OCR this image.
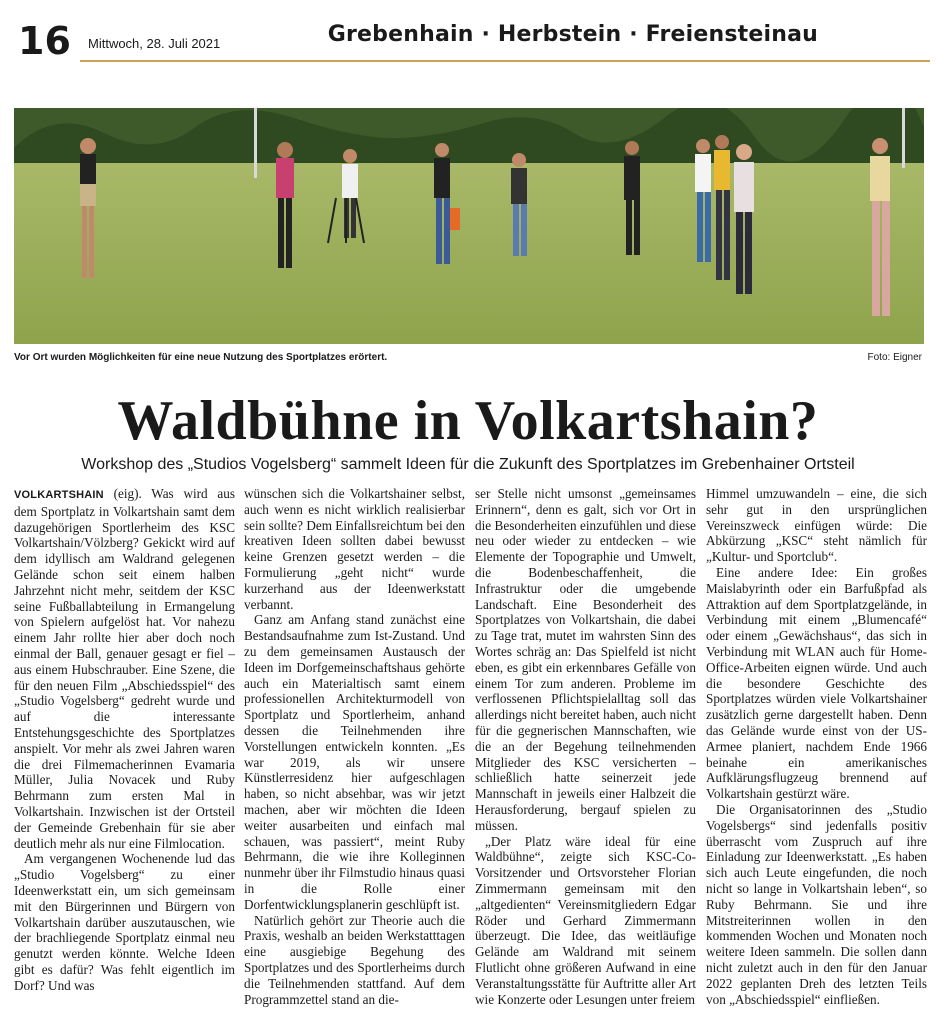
16 Mittwoch, 28. Juli 2021	Grebenhain · Herbstein · Freiensteinau
Vor Ort wurden Möglichkeiten für eine neue Nutzung des Sportplatzes erörtert.	Foto: Eigner
Waldbühne in Volkartshain?
Workshop des „Studios Vogelsberg“ sammelt Ideen für die Zukunft des Sportplatzes im Grebenhainer Ortsteil

VOLKARTSHAIN (eig). Was wird aus dem Sportplatz in Volkartshain samt dem dazugehörigen Sportlerheim des KSC Volkartshain/Völzberg? Gekickt wird auf dem idyllisch am Waldrand gelegenen Gelände schon seit einem halben Jahrzehnt nicht mehr, seitdem der KSC seine Fußballabteilung in Ermangelung von Spielern aufgelöst hat. Vor nahezu einem Jahr rollte hier aber doch noch einmal der Ball, genauer gesagt er fiel – aus einem Hubschrauber. Eine Szene, die für den neuen Film „Abschiedsspiel“ des „Studio Vogelsberg“ gedreht wurde und auf die interessante Entstehungsgeschichte des Sportplatzes anspielt. Vor mehr als zwei Jahren waren die drei Filmemacherinnen Evamaria Müller, Julia Novacek und Ruby Behrmann zum ersten Mal in Volkartshain. Inzwischen ist der Ortsteil der Gemeinde Grebenhain für sie aber deutlich mehr als nur eine Filmlocation.

Am vergangenen Wochenende lud das „Studio Vogelsberg“ zu einer Ideenwerkstatt ein, um sich gemeinsam mit den Bürgerinnen und Bürgern von Volkartshain darüber auszutauschen, wie der brachliegende Sportplatz einmal neu genutzt werden könnte. Welche Ideen gibt es dafür? Was fehlt eigentlich im Dorf? Und was

wünschen sich die Volkartshainer selbst, auch wenn es nicht wirklich realisierbar sein sollte? Dem Einfallsreichtum bei den kreativen Ideen sollten dabei bewusst keine Grenzen gesetzt werden – die Formulierung „geht nicht“ wurde kurzerhand aus der Ideenwerkstatt verbannt.

Ganz am Anfang stand zunächst eine Bestandsaufnahme zum Ist-Zustand. Und zu dem gemeinsamen Austausch der Ideen im Dorfgemeinschaftshaus gehörte auch ein Materialtisch samt einem professionellen Architekturmodell von Sportplatz und Sportlerheim, anhand dessen die Teilnehmenden ihre Vorstellungen entwickeln konnten. „Es war 2019, als wir unsere Künstlerresidenz hier aufgeschlagen haben, so nicht absehbar, was wir jetzt machen, aber wir möchten die Ideen weiter ausarbeiten und einfach mal schauen, was passiert“, meint Ruby Behrmann, die wie ihre Kolleginnen nunmehr über ihr Filmstudio hinaus quasi in die Rolle einer Dorfentwicklungsplanerin geschlüpft ist.

Natürlich gehört zur Theorie auch die Praxis, weshalb an beiden Werkstatttagen eine ausgiebige Begehung des Sportplatzes und des Sportlerheims durch die Teilnehmenden stattfand. Auf dem Programmzettel stand an die-

ser Stelle nicht umsonst „gemeinsames Erinnern“, denn es galt, sich vor Ort in die Besonderheiten einzufühlen und diese neu oder wieder zu entdecken – wie Elemente der Topographie und Umwelt, die Bodenbeschaffenheit, die Infrastruktur oder die umgebende Landschaft. Eine Besonderheit des Sportplatzes von Volkartshain, die dabei zu Tage trat, mutet im wahrsten Sinn des Wortes schräg an: Das Spielfeld ist nicht eben, es gibt ein erkennbares Gefälle von einem Tor zum anderen. Probleme im verflossenen Pflichtspielalltag soll das allerdings nicht bereitet haben, auch nicht für die gegnerischen Mannschaften, wie die an der Begehung teilnehmenden Mitglieder des KSC versicherten – schließlich hatte seinerzeit jede Mannschaft in jeweils einer Halbzeit die Herausforderung, bergauf spielen zu müssen.

„Der Platz wäre ideal für eine Waldbühne“, zeigte sich KSC-Co-Vorsitzender und Ortsvorsteher Florian Zimmermann gemeinsam mit den „altgedienten“ Vereinsmitgliedern Edgar Röder und Gerhard Zimmermann überzeugt. Die Idee, das weitläufige Gelände am Waldrand mit seinem Flutlicht ohne größeren Aufwand in eine Veranstaltungsstätte für Auftritte aller Art wie Konzerte oder Lesungen unter freiem

Himmel umzuwandeln – eine, die sich sehr gut in den ursprünglichen Vereinszweck einfügen würde: Die Abkürzung „KSC“ steht nämlich für „Kultur- und Sportclub“.

Eine andere Idee: Ein großes Maislabyrinth oder ein Barfußpfad als Attraktion auf dem Sportplatzgelände, in Verbindung mit einem „Blumencafé“ oder einem „Gewächshaus“, das sich in Verbindung mit WLAN auch für Home-Office-Arbeiten eignen würde. Und auch die besondere Geschichte des Sportplatzes würden viele Volkartshainer zusätzlich gerne dargestellt haben. Denn das Gelände wurde einst von der US-Armee planiert, nachdem Ende 1966 beinahe ein amerikanisches Aufklärungsflugzeug brennend auf Volkartshain gestürzt wäre.

Die Organisatorinnen des „Studio Vogelsbergs“ sind jedenfalls positiv überrascht vom Zuspruch auf ihre Einladung zur Ideenwerkstatt. „Es haben sich auch Leute eingefunden, die noch nicht so lange in Volkartshain leben“, so Ruby Behrmann. Sie und ihre Mitstreiterinnen wollen in den kommenden Wochen und Monaten noch weitere Ideen sammeln. Die sollen dann nicht zuletzt auch in den für den Januar 2022 geplanten Dreh des letzten Teils von „Abschiedsspiel“ einfließen.
